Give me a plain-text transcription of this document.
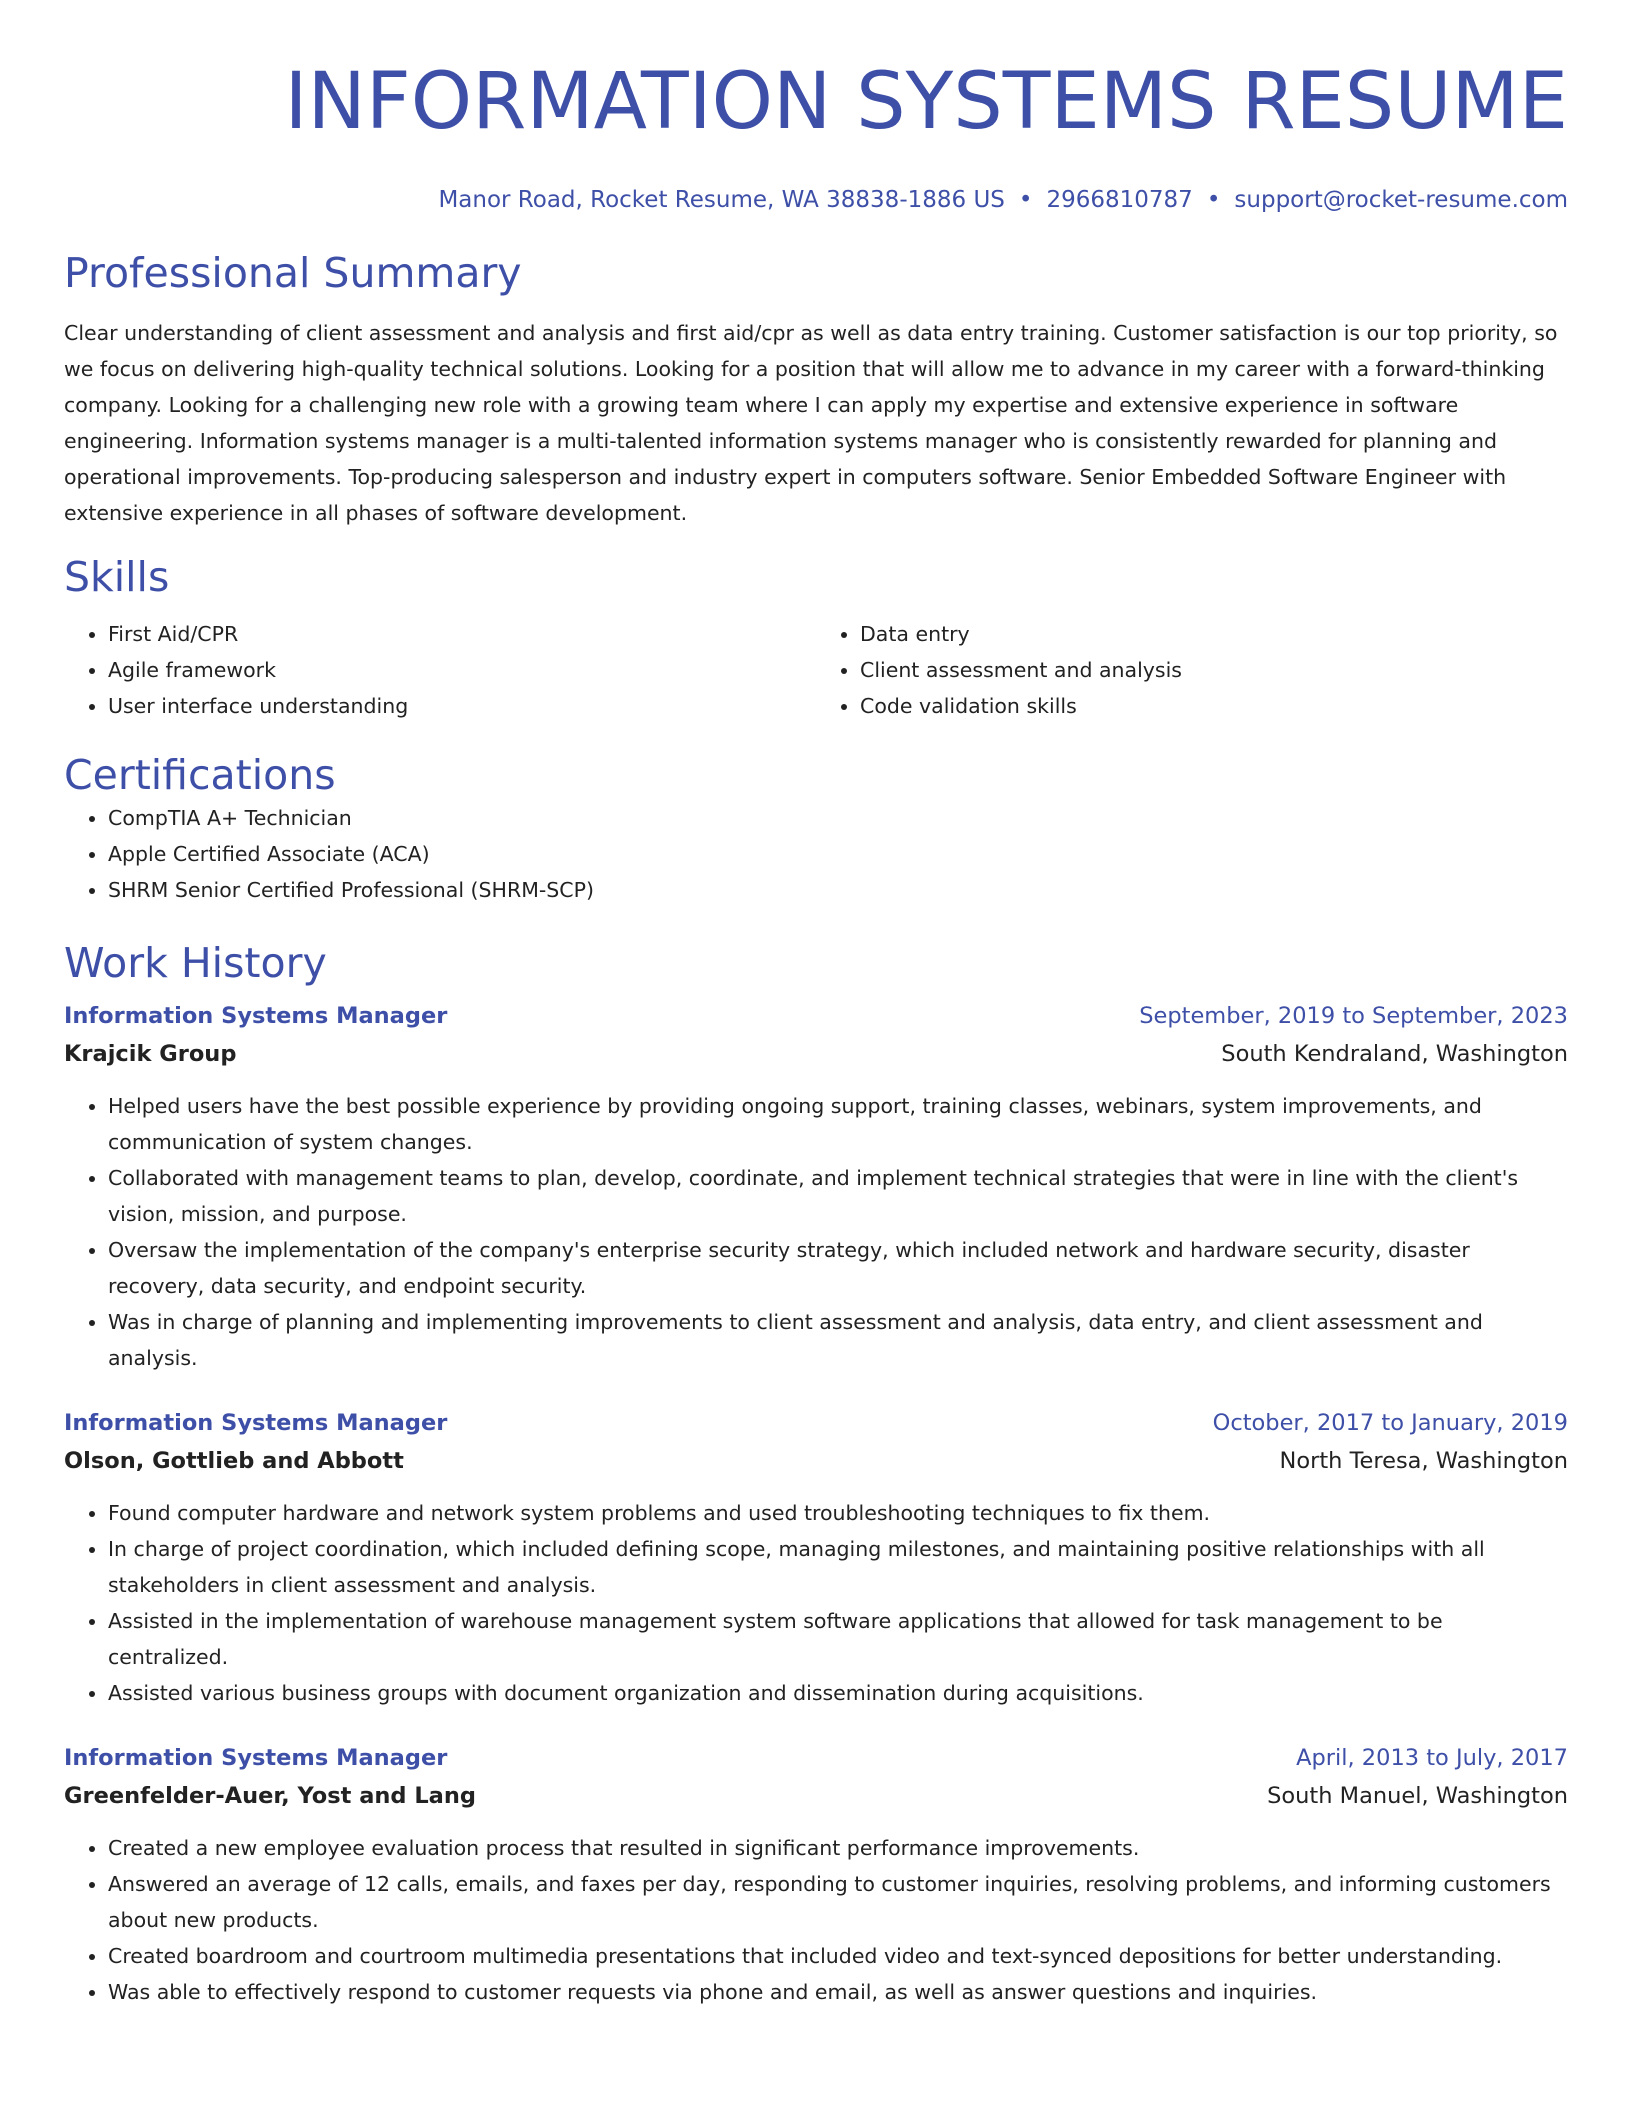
INFORMATION SYSTEMS RESUME
Manor Road, Rocket Resume, WA 38838-1886 US • 2966810787 • support@rocket-resume.com
Professional Summary

Clear understanding of client assessment and analysis and first aid/cpr as well as data entry training. Customer satisfaction is our top priority, so we focus on delivering high-quality technical solutions. Looking for a position that will allow me to advance in my career with a forward-thinking company. Looking for a challenging new role with a growing team where I can apply my expertise and extensive experience in software engineering. Information systems manager is a multi-talented information systems manager who is consistently rewarded for planning and operational improvements. Top-producing salesperson and industry expert in computers software. Senior Embedded Software Engineer with extensive experience in all phases of software development.

Skills
• First Aid/CPR
• Agile framework
• User interface understanding
• Data entry
• Client assessment and analysis
• Code validation skills
Certifications
• CompTIA A+ Technician
• Apple Certified Associate (ACA)
• SHRM Senior Certified Professional (SHRM-SCP)
Work History
Information Systems Manager	September, 2019 to September, 2023
Krajcik Group	South Kendraland, Washington
• Helped users have the best possible experience by providing ongoing support, training classes, webinars, system improvements, and communication of system changes.
• Collaborated with management teams to plan, develop, coordinate, and implement technical strategies that were in line with the client's vision, mission, and purpose.
• Oversaw the implementation of the company's enterprise security strategy, which included network and hardware security, disaster recovery, data security, and endpoint security.
• Was in charge of planning and implementing improvements to client assessment and analysis, data entry, and client assessment and analysis.
Information Systems Manager	October, 2017 to January, 2019
Olson, Gottlieb and Abbott	North Teresa, Washington
• Found computer hardware and network system problems and used troubleshooting techniques to fix them.
• In charge of project coordination, which included defining scope, managing milestones, and maintaining positive relationships with all stakeholders in client assessment and analysis.
• Assisted in the implementation of warehouse management system software applications that allowed for task management to be centralized.
• Assisted various business groups with document organization and dissemination during acquisitions.
Information Systems Manager	April, 2013 to July, 2017
Greenfelder-Auer, Yost and Lang	South Manuel, Washington
• Created a new employee evaluation process that resulted in significant performance improvements.
• Answered an average of 12 calls, emails, and faxes per day, responding to customer inquiries, resolving problems, and informing customers about new products.
• Created boardroom and courtroom multimedia presentations that included video and text-synced depositions for better understanding.
• Was able to effectively respond to customer requests via phone and email, as well as answer questions and inquiries.
